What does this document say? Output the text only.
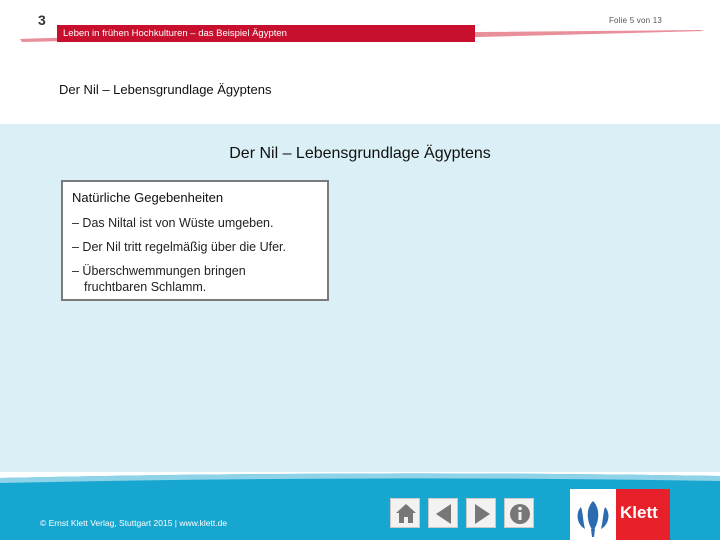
3	Folie 5 von 13
Leben in frühen Hochkulturen – das Beispiel Ägypten
Der Nil – Lebensgrundlage Ägyptens
Der Nil – Lebensgrundlage Ägyptens
Natürliche Gegebenheiten
– Das Niltal ist von Wüste umgeben.
– Der Nil tritt regelmäßig über die Ufer.
– Überschwemmungen bringen
fruchtbaren Schlamm.
© Ernst Klett Verlag, Stuttgart 2015 | www.klett.de
Klett
